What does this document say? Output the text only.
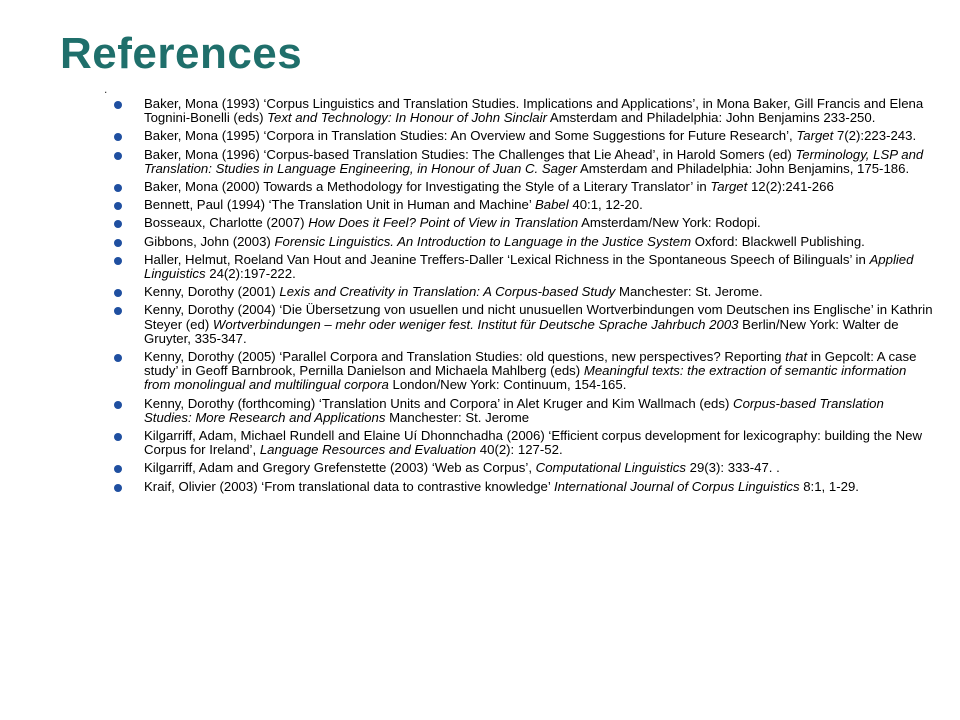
References
.
Baker, Mona (1993) ‘Corpus Linguistics and Translation Studies. Implications and Applications’, in Mona Baker, Gill Francis and Elena Tognini-Bonelli (eds) Text and Technology: In Honour of John Sinclair Amsterdam and Philadelphia: John Benjamins 233-250.
Baker, Mona (1995) ‘Corpora in Translation Studies: An Overview and Some Suggestions for Future Research’, Target 7(2):223-243.
Baker, Mona (1996) ‘Corpus-based Translation Studies: The Challenges that Lie Ahead’, in Harold Somers (ed) Terminology, LSP and Translation: Studies in Language Engineering, in Honour of Juan C. Sager Amsterdam and Philadelphia: John Benjamins, 175-186.
Baker, Mona (2000) Towards a Methodology for Investigating the Style of a Literary Translator’ in Target 12(2):241-266
Bennett, Paul (1994) ‘The Translation Unit in Human and Machine’ Babel 40:1, 12-20.
Bosseaux, Charlotte (2007) How Does it Feel? Point of View in Translation Amsterdam/New York: Rodopi.
Gibbons, John (2003) Forensic Linguistics. An Introduction to Language in the Justice System Oxford: Blackwell Publishing.
Haller, Helmut, Roeland Van Hout and Jeanine Treffers-Daller ‘Lexical Richness in the Spontaneous Speech of Bilinguals’ in Applied Linguistics 24(2):197-222.
Kenny, Dorothy (2001) Lexis and Creativity in Translation: A Corpus-based Study Manchester: St. Jerome.
Kenny, Dorothy (2004) ‘Die Übersetzung von usuellen und nicht unusuellen Wortverbindungen vom Deutschen ins Englische’ in Kathrin Steyer (ed) Wortverbindungen – mehr oder weniger fest. Institut für Deutsche Sprache Jahrbuch 2003 Berlin/New York: Walter de Gruyter, 335-347.
Kenny, Dorothy (2005) ‘Parallel Corpora and Translation Studies: old questions, new perspectives? Reporting that in Gepcolt: A case study’ in Geoff Barnbrook, Pernilla Danielson and Michaela Mahlberg (eds) Meaningful texts: the extraction of semantic information from monolingual and multilingual corpora London/New York: Continuum, 154-165.
Kenny, Dorothy (forthcoming) ‘Translation Units and Corpora’ in Alet Kruger and Kim Wallmach (eds) Corpus-based Translation Studies: More Research and Applications Manchester: St. Jerome
Kilgarriff, Adam, Michael Rundell and Elaine Uí Dhonnchadha (2006) ‘Efficient corpus development for lexicography: building the New Corpus for Ireland’, Language Resources and Evaluation 40(2): 127-52.
Kilgarriff, Adam and Gregory Grefenstette (2003) ‘Web as Corpus’, Computational Linguistics 29(3): 333-47. .
Kraif, Olivier (2003) ‘From translational data to contrastive knowledge’ International Journal of Corpus Linguistics 8:1, 1-29.
